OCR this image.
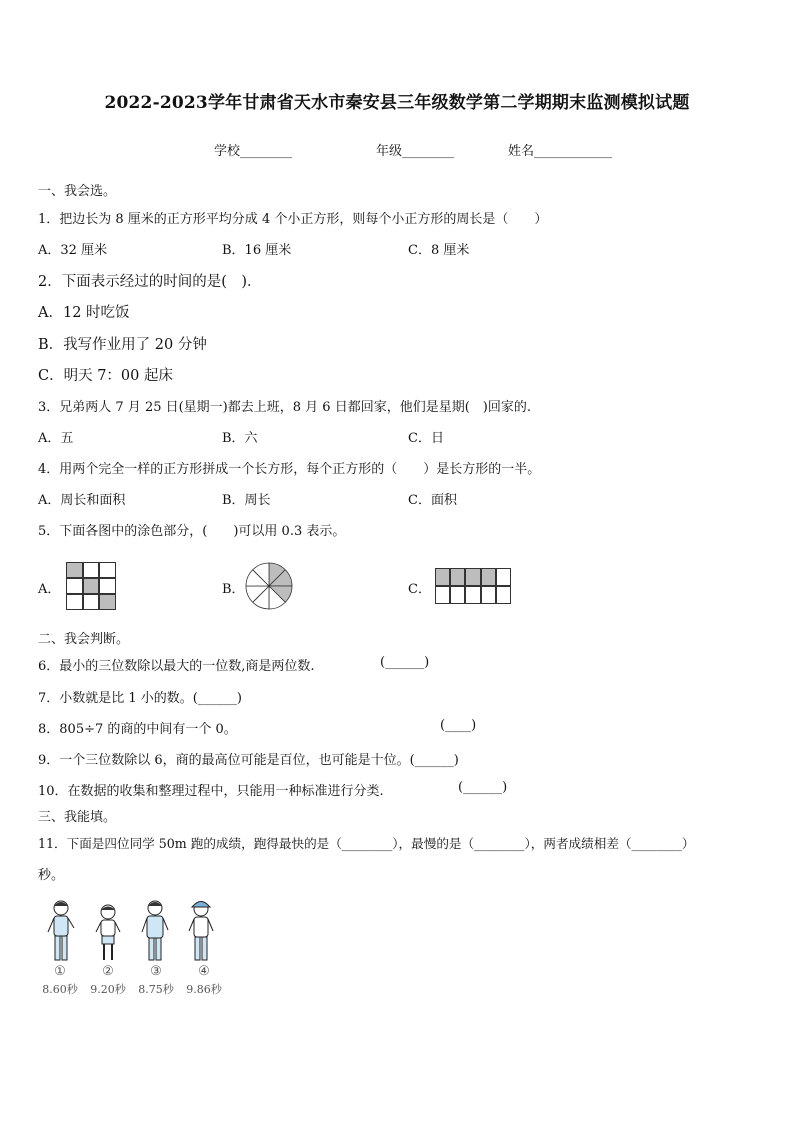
2022-2023学年甘肃省天水市秦安县三年级数学第二学期期末监测模拟试题
学校________	年级________	姓名____________
一、我会选。
1．把边长为 8 厘米的正方形平均分成 4 个小正方形，则每个小正方形的周长是（　　）
A．32 厘米	B．16 厘米	C．8 厘米
2．下面表示经过的时间的是(　)．
A．12 时吃饭
B．我写作业用了 20 分钟
C．明天 7：00 起床
3．兄弟两人 7 月 25 日(星期一)都去上班，8 月 6 日都回家，他们是星期(　)回家的.
A．五	B．六	C．日
4．用两个完全一样的正方形拼成一个长方形，每个正方形的（　　）是长方形的一半。
A．周长和面积	B．周长	C．面积
5．下面各图中的涂色部分，(　　)可以用 0.3 表示。
A．	B．	C．
二、我会判断。
6．最小的三位数除以最大的一位数,商是两位数.	(______)
7．小数就是比 1 小的数。(______)
8．805÷7 的商的中间有一个 0。	(____)
9．一个三位数除以 6，商的最高位可能是百位，也可能是十位。(______)
10．在数据的收集和整理过程中，只能用一种标准进行分类.	(______)
三、我能填。
11．下面是四位同学 50m 跑的成绩，跑得最快的是（________），最慢的是（________），两者成绩相差（________）
秒。
①	②	③	④
8.60秒 9.20秒 8.75秒 9.86秒
